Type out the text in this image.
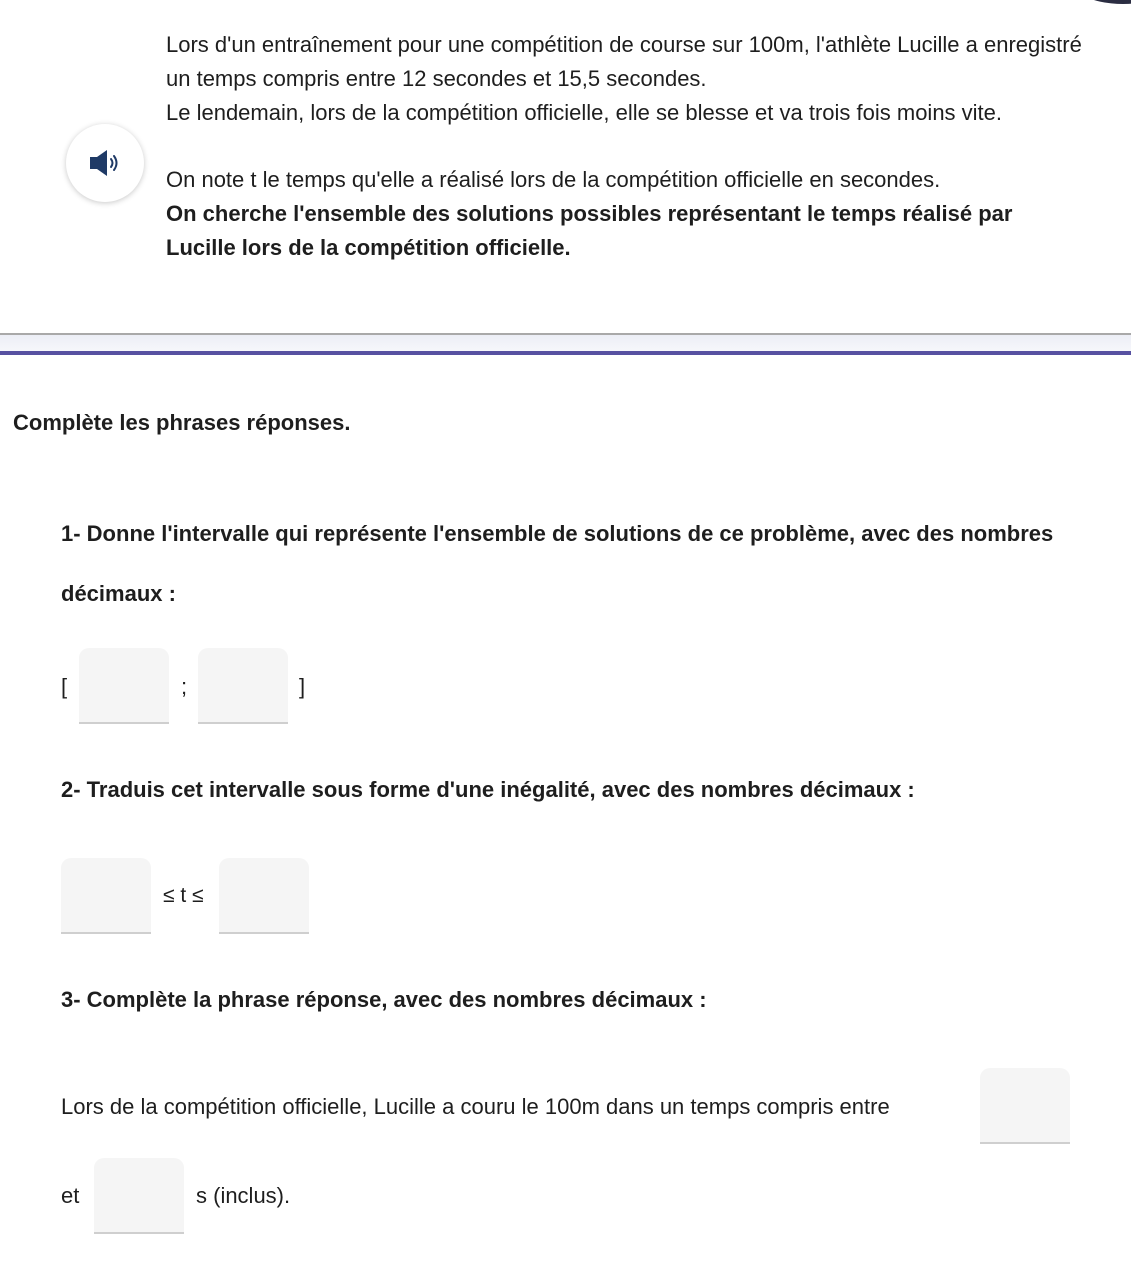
Lors d'un entraînement pour une compétition de course sur 100m, l'athlète Lucille a enregistré un temps compris entre 12 secondes et 15,5 secondes.

Le lendemain, lors de la compétition officielle, elle se blesse et va trois fois moins vite.

On note t le temps qu'elle a réalisé lors de la compétition officielle en secondes.

On cherche l'ensemble des solutions possibles représentant le temps réalisé par Lucille lors de la compétition officielle.

Complète les phrases réponses.
1- Donne l'intervalle qui représente l'ensemble de solutions de ce problème, avec des nombres décimaux :
[	;	]
2- Traduis cet intervalle sous forme d'une inégalité, avec des nombres décimaux :
≤ t ≤
3- Complète la phrase réponse, avec des nombres décimaux :
Lors de la compétition officielle, Lucille a couru le 100m dans un temps compris entre
et	s (inclus).
